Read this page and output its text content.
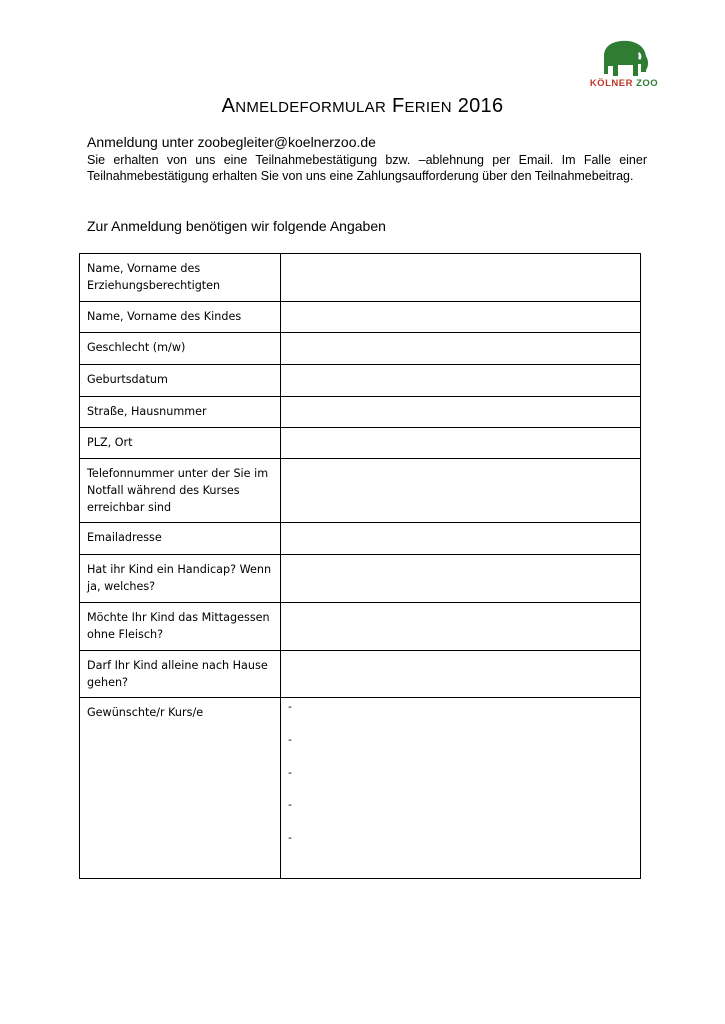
KÖLNER ZOO
ANMELDEFORMULAR FERIEN 2016
Anmeldung unter zoobegleiter@koelnerzoo.de
Sie erhalten von uns eine Teilnahmebestätigung bzw. –ablehnung per Email. Im Falle einer Teilnahmebestätigung erhalten Sie von uns eine Zahlungsaufforderung über den Teilnahmebeitrag.
Zur Anmeldung benötigen wir folgende Angaben
Name, Vorname des Erziehungsberechtigten	
Name, Vorname des Kindes	
Geschlecht (m/w)	
Geburtsdatum	
Straße, Hausnummer	
PLZ, Ort	
Telefonnummer unter der Sie im Notfall während des Kurses erreichbar sind	
Emailadresse	
Hat ihr Kind ein Handicap? Wenn ja, welches?	
Möchte Ihr Kind das Mittagessen ohne Fleisch?	
Darf Ihr Kind alleine nach Hause gehen?	
Gewünschte/r Kurs/e	-
-
-
-
-
